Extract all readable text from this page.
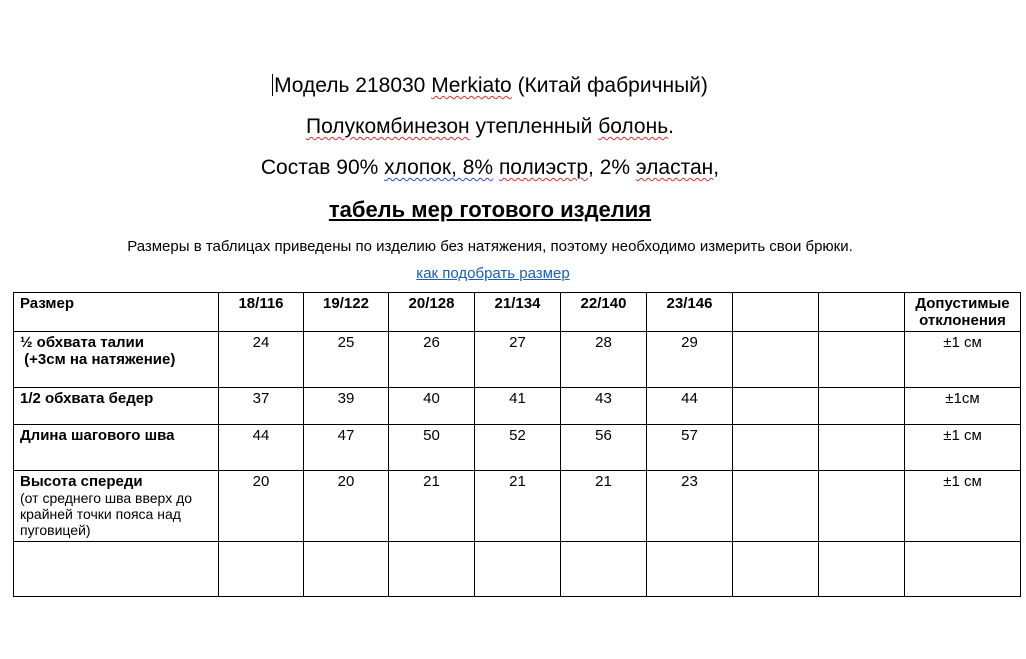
Модель 218030 Merkiato (Китай фабричный)
Полукомбинезон утепленный болонь.
Состав 90% хлопок, 8% полиэстр, 2% эластан,
табель мер готового изделия
Размеры в таблицах приведены по изделию без натяжения, поэтому необходимо измерить свои брюки.
как подобрать размер
Размер	18/116	19/122	20/128	21/134	22/140	23/146			Допустимые отклонения
½ обхвата талии
(+3см на натяжение)	24	25	26	27	28	29			±1 см
1/2 обхвата бедер	37	39	40	41	43	44			±1см
Длина шагового шва	44	47	50	52	56	57			±1 см
Высота спереди
(от среднего шва вверх до крайней точки пояса над пуговицей)	20	20	21	21	21	23			±1 см
